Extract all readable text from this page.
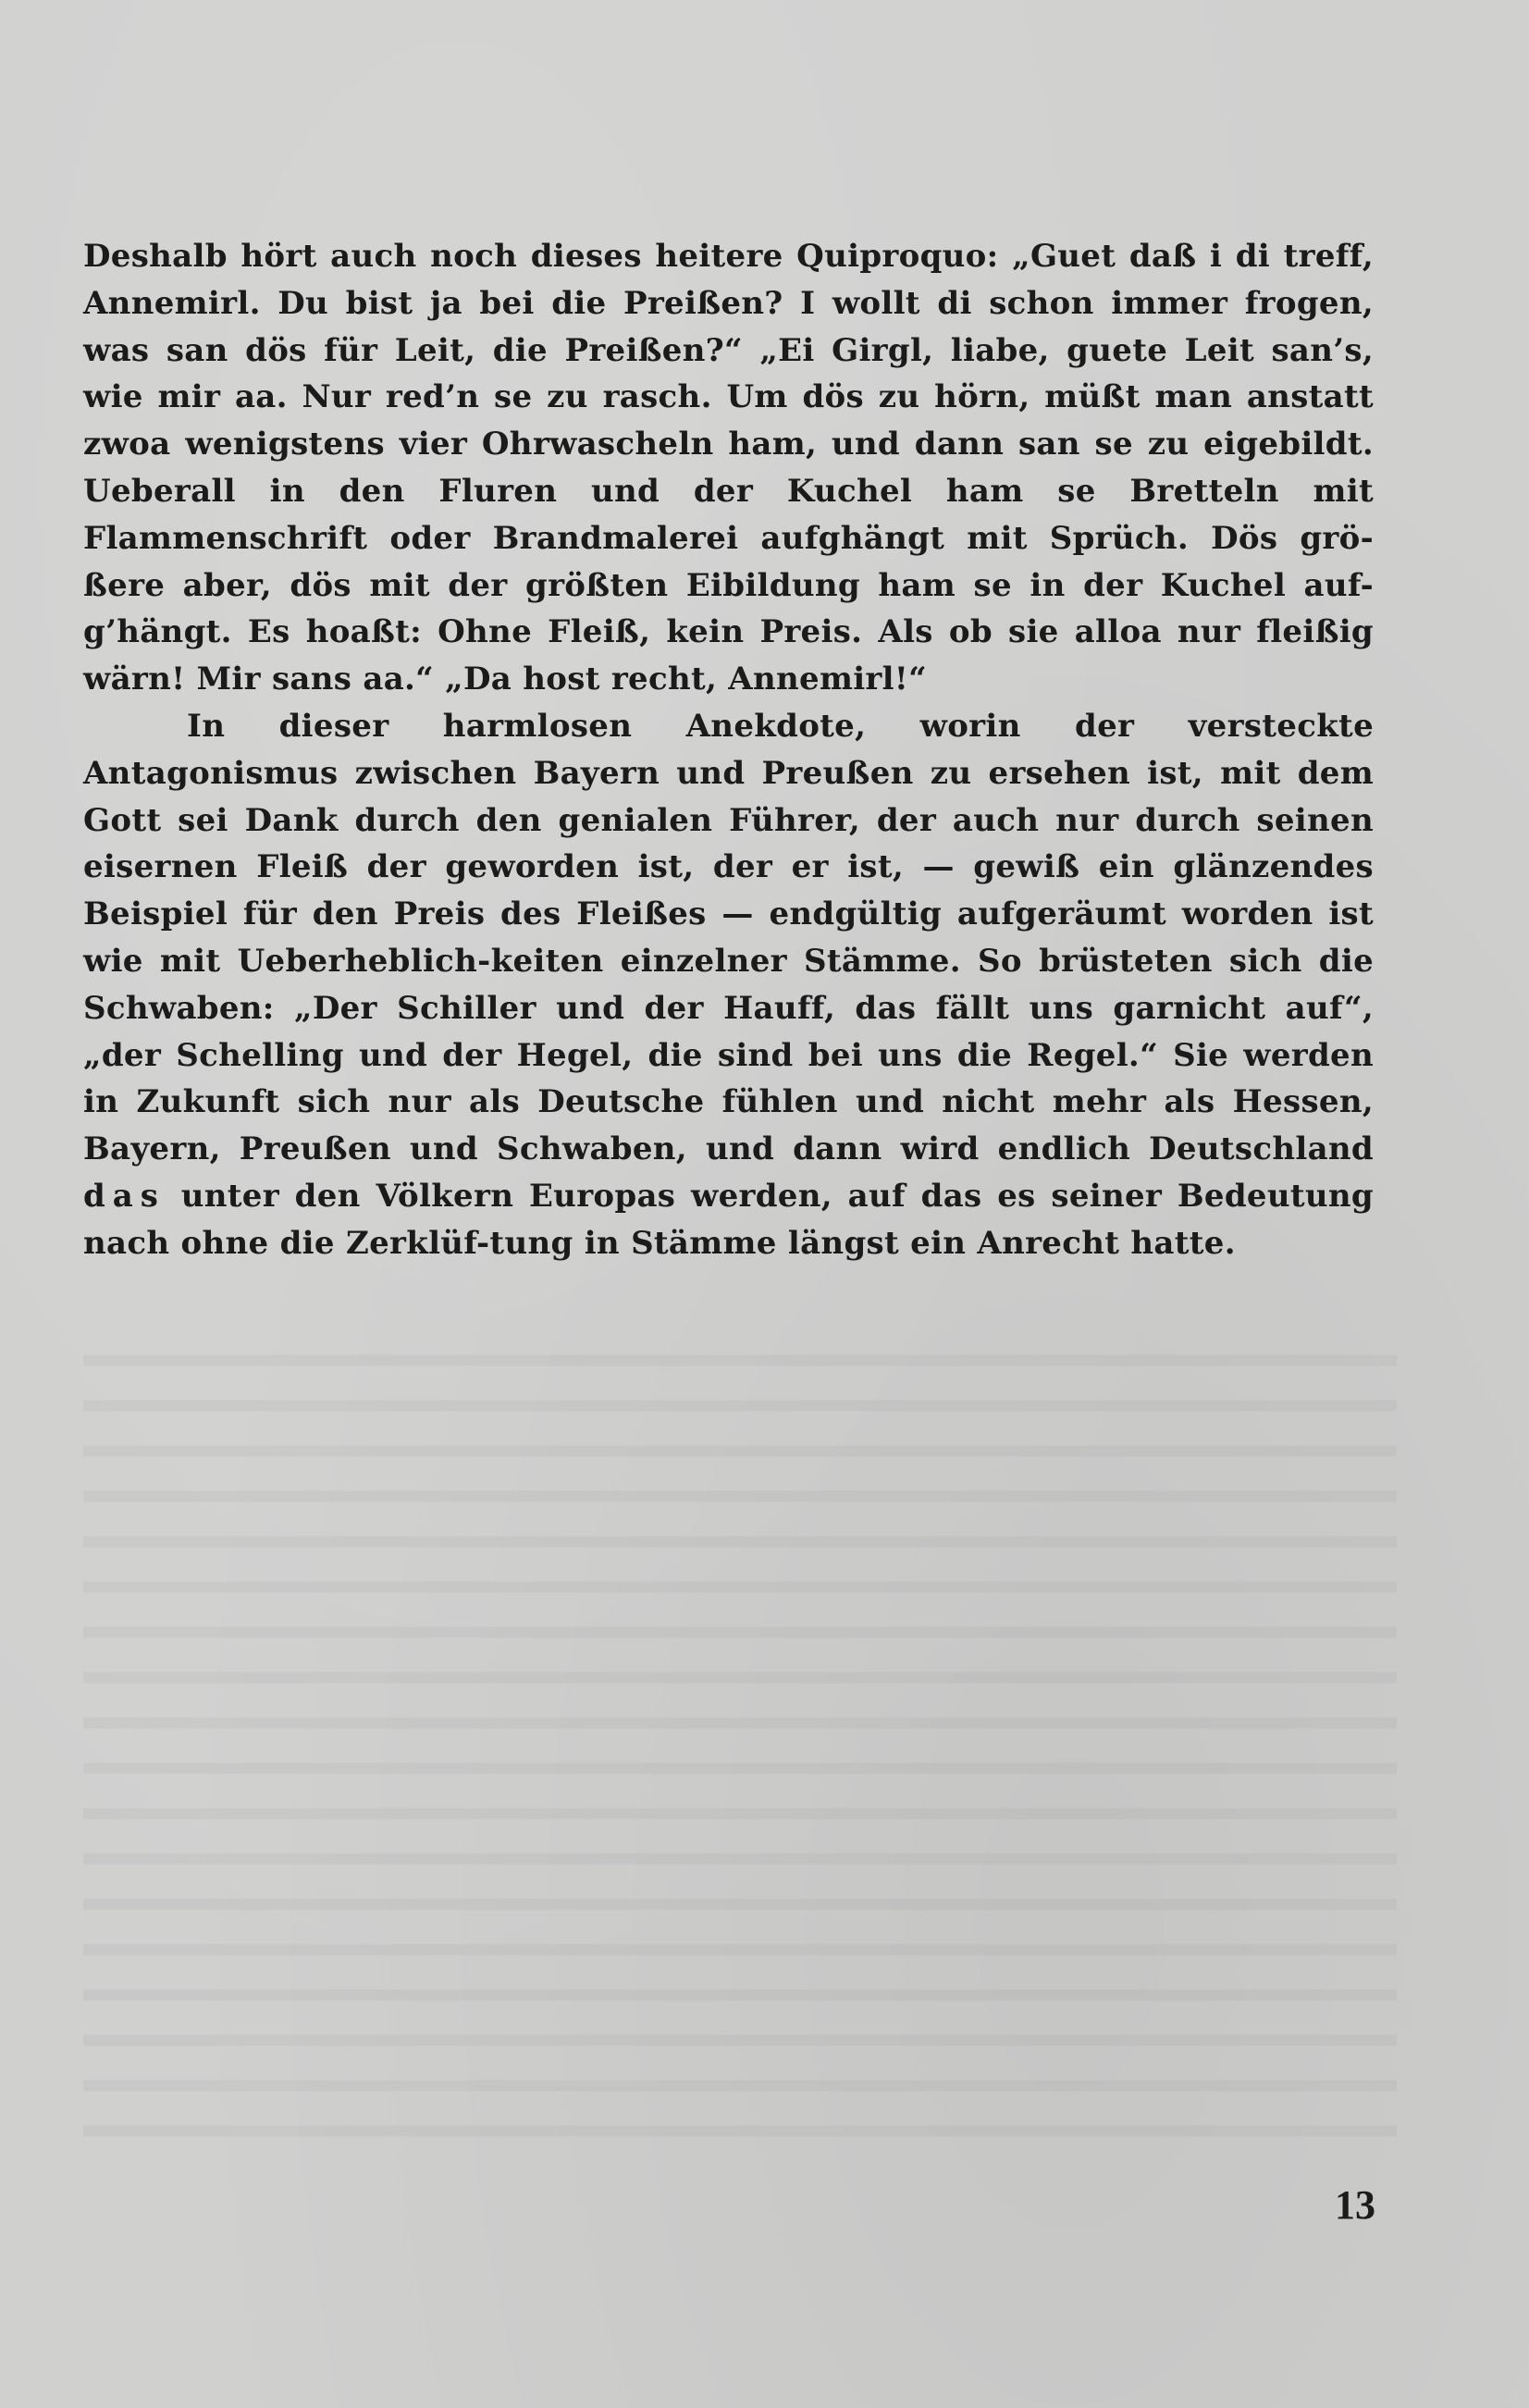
Deshalb hört auch noch dieses heitere Quiproquo: „Guet daß i di treff, Annemirl. Du bist ja bei die Preißen? I wollt di schon immer frogen, was san dös für Leit, die Preißen?“ „Ei Girgl, liabe, guete Leit san’s, wie mir aa. Nur red’n se zu rasch. Um dös zu hörn, müßt man anstatt zwoa wenigstens vier Ohrwascheln ham, und dann san se zu eigebildt. Ueberall in den Fluren und der Kuchel ham se Bretteln mit Flammenschrift oder Brandmalerei aufghängt mit Sprüch. Dös grö-ßere aber, dös mit der größten Eibildung ham se in der Kuchel auf-g’hängt. Es hoaßt: Ohne Fleiß, kein Preis. Als ob sie alloa nur fleißig wärn! Mir sans aa.“ „Da host recht, Annemirl!“

In dieser harmlosen Anekdote, worin der versteckte Antagonismus zwischen Bayern und Preußen zu ersehen ist, mit dem Gott sei Dank durch den genialen Führer, der auch nur durch seinen eisernen Fleiß der geworden ist, der er ist, — gewiß ein glänzendes Beispiel für den Preis des Fleißes — endgültig aufgeräumt worden ist wie mit Ueberheblich-keiten einzelner Stämme. So brüsteten sich die Schwaben: „Der Schiller und der Hauff, das fällt uns garnicht auf“, „der Schelling und der Hegel, die sind bei uns die Regel.“ Sie werden in Zukunft sich nur als Deutsche fühlen und nicht mehr als Hessen, Bayern, Preußen und Schwaben, und dann wird endlich Deutschland das unter den Völkern Europas werden, auf das es seiner Bedeutung nach ohne die Zerklüf-tung in Stämme längst ein Anrecht hatte.

13
